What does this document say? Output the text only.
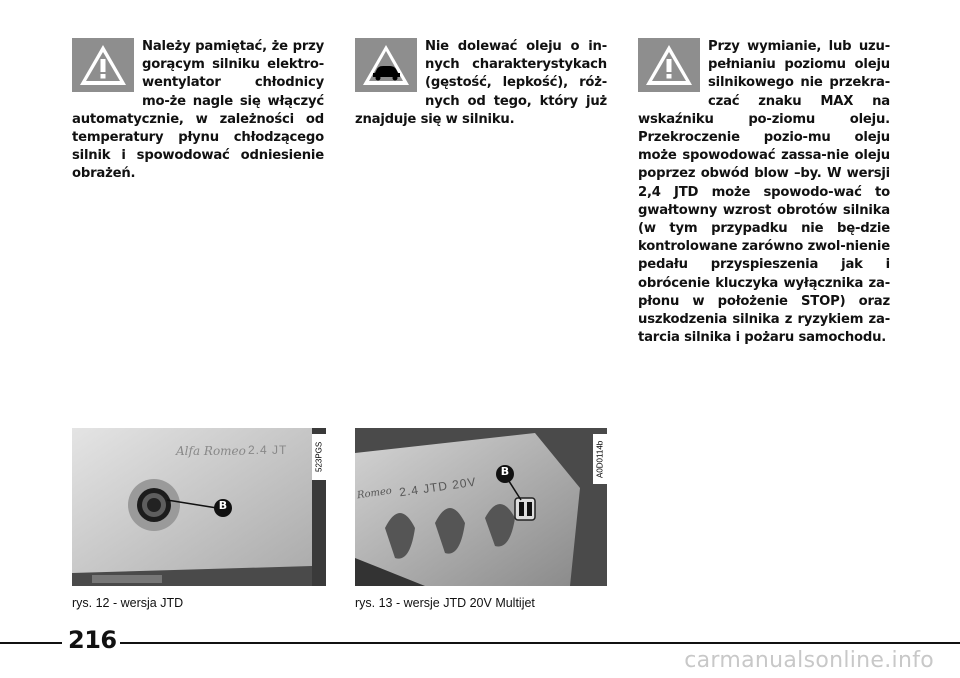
Należy pamiętać, że przy gorącym silniku elektro-wentylator chłodnicy mo-że nagle się włączyć automatycznie, w zależności od temperatury płynu chłodzącego silnik i spowodować odniesienie obrażeń.

Nie dolewać oleju o in-nych charakterystykach (gęstość, lepkość), róż-nych od tego, który już znajduje się w silniku.

Przy wymianie, lub uzu-pełnianiu poziomu oleju silnikowego nie przekra-czać znaku MAX na wskaźniku po-ziomu oleju. Przekroczenie pozio-mu oleju może spowodować zassa-nie oleju poprzez obwód blow –by. W wersji 2,4 JTD może spowodo-wać to gwałtowny wzrost obrotów silnika (w tym przypadku nie bę-dzie kontrolowane zarówno zwol-nienie pedału przyspieszenia jak i obrócenie kluczyka wyłącznika za-płonu w położenie STOP) oraz uszkodzenia silnika z ryzykiem za-tarcia silnika i pożaru samochodu.

Alfa Romeo 2.4 JT
B
523PGS
rys. 12 - wersja JTD
Romeo 2.4 JTD 20V
B	A0D0114b
rys. 13 - wersje JTD 20V Multijet
216
carmanualsonline.info
